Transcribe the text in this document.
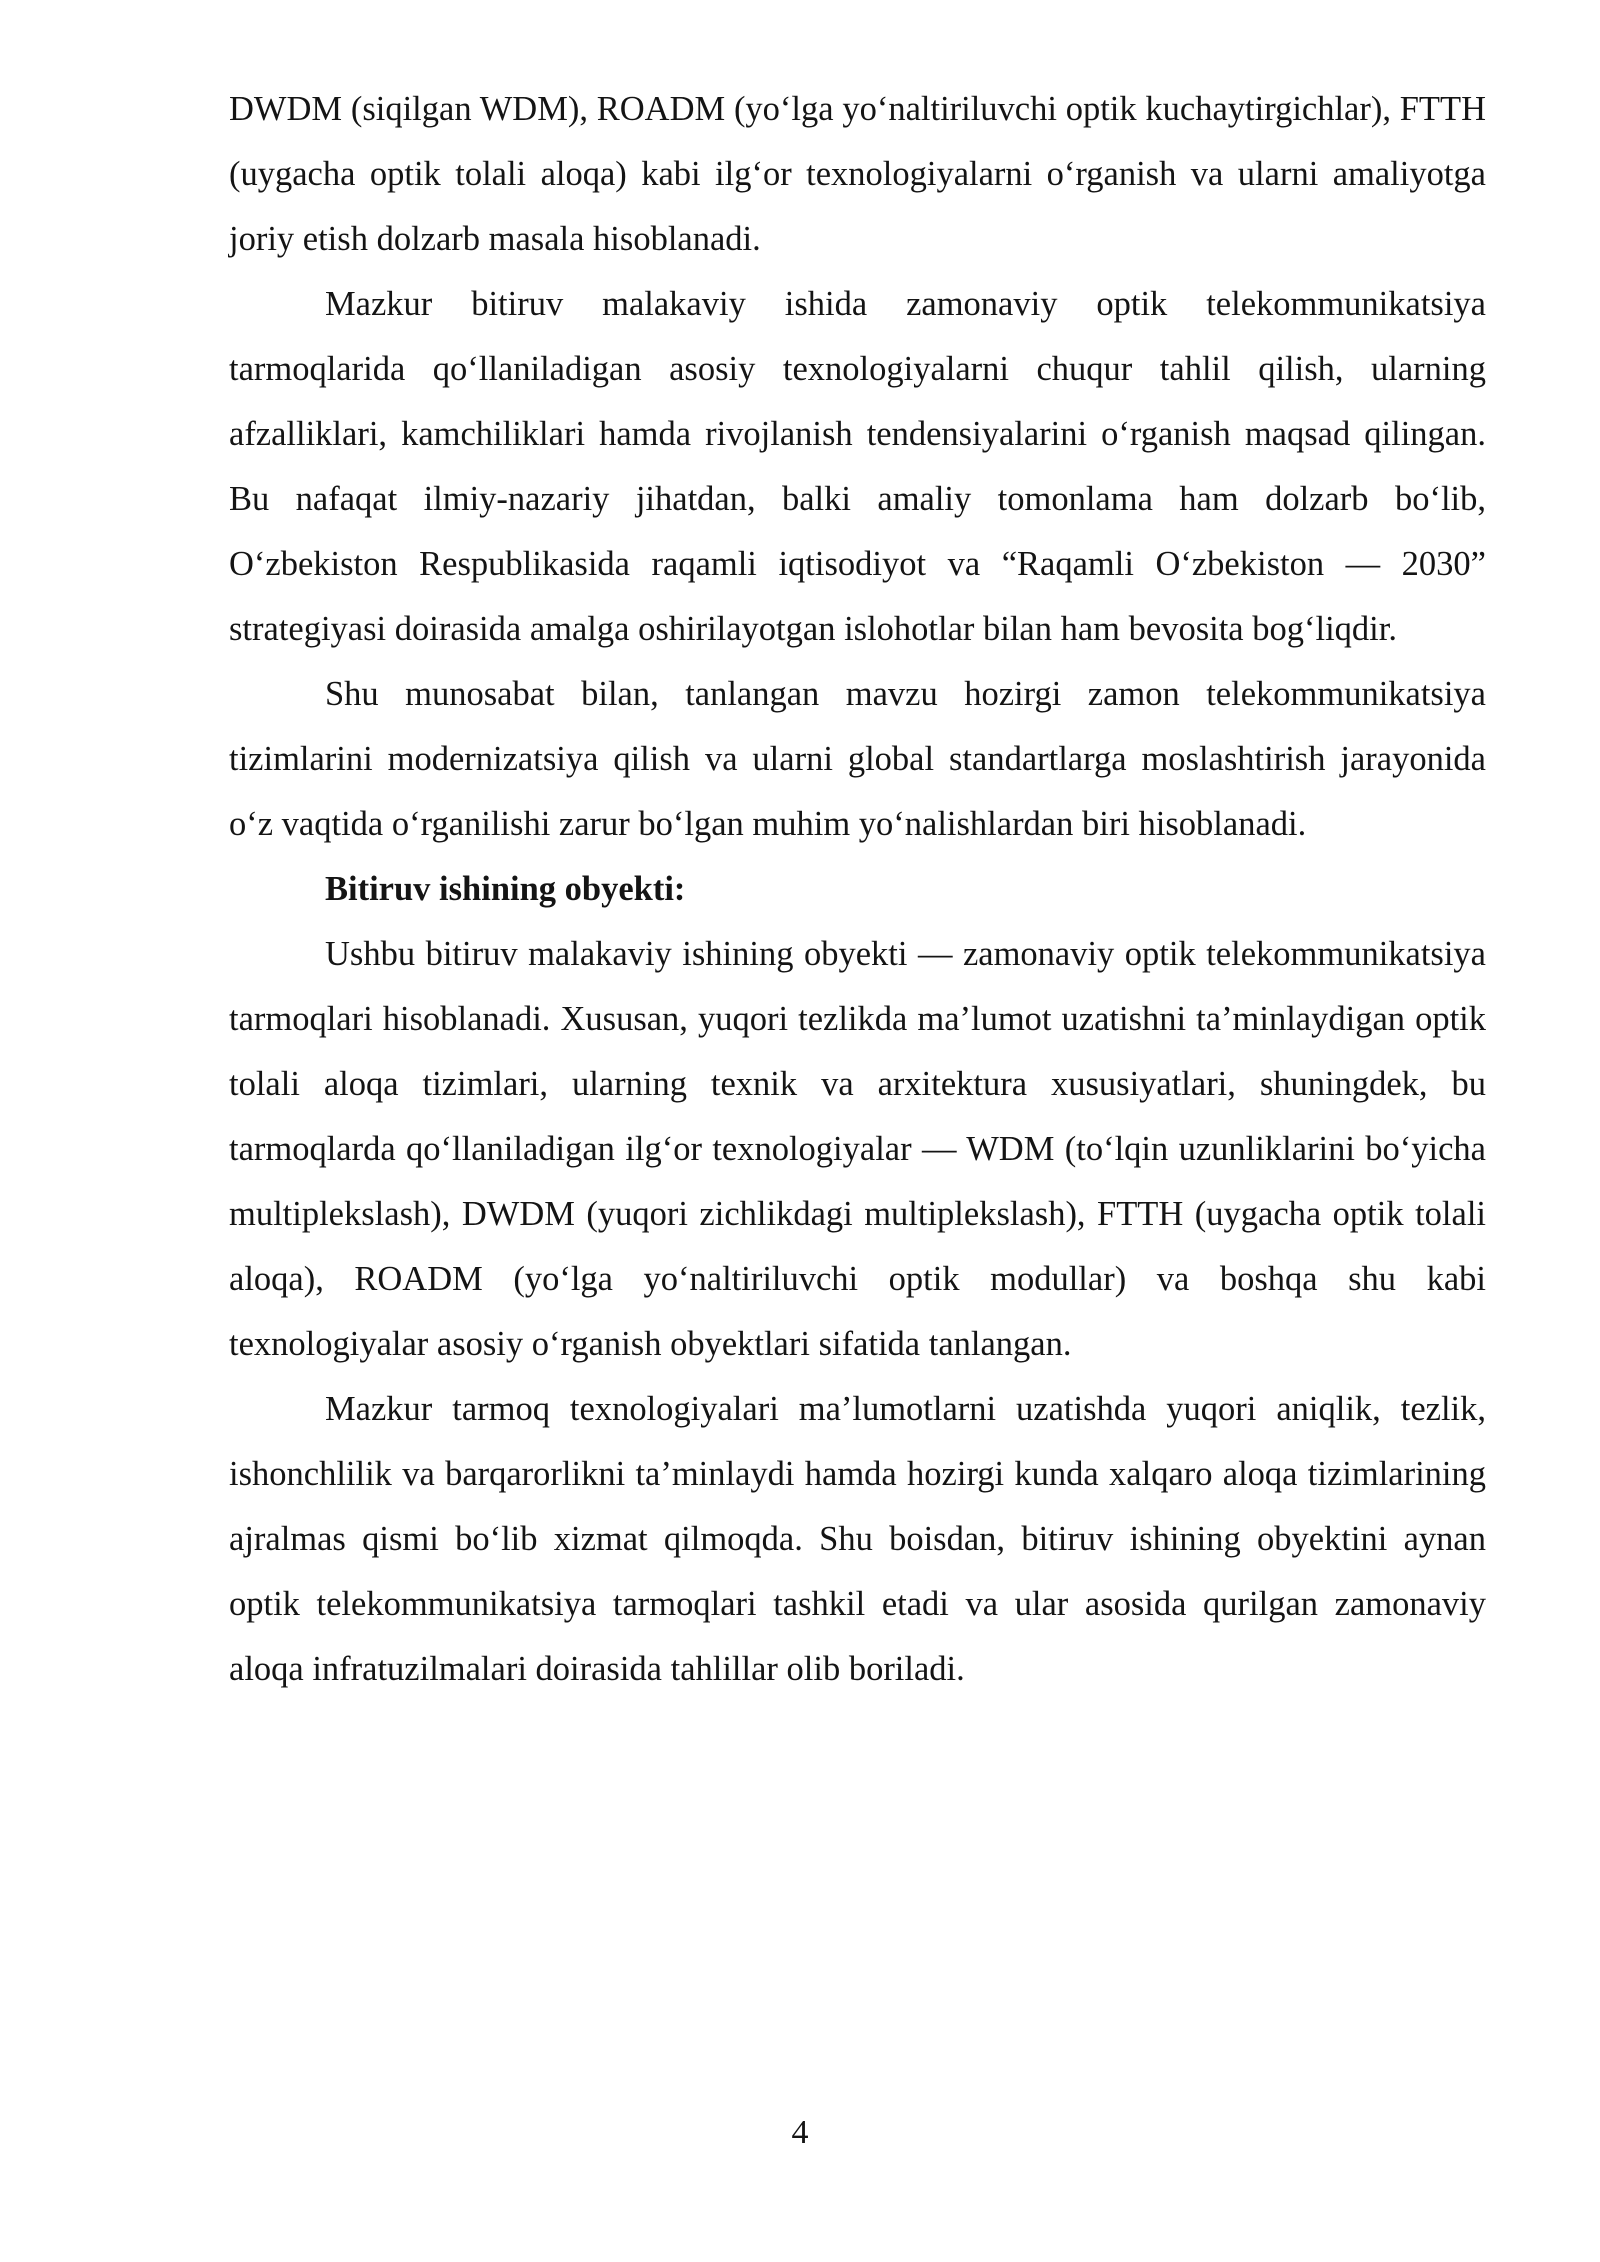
DWDM (siqilgan WDM), ROADM (yo‘lga yo‘naltiriluvchi optik kuchaytirgichlar), FTTH (uygacha optik tolali aloqa) kabi ilg‘or texnologiyalarni o‘rganish va ularni amaliyotga joriy etish dolzarb masala hisoblanadi.

Mazkur bitiruv malakaviy ishida zamonaviy optik telekommunikatsiya tarmoqlarida qo‘llaniladigan asosiy texnologiyalarni chuqur tahlil qilish, ularning afzalliklari, kamchiliklari hamda rivojlanish tendensiyalarini o‘rganish maqsad qilingan. Bu nafaqat ilmiy-nazariy jihatdan, balki amaliy tomonlama ham dolzarb bo‘lib, O‘zbekiston Respublikasida raqamli iqtisodiyot va “Raqamli O‘zbekiston — 2030” strategiyasi doirasida amalga oshirilayotgan islohotlar bilan ham bevosita bog‘liqdir.

Shu munosabat bilan, tanlangan mavzu hozirgi zamon telekommunikatsiya tizimlarini modernizatsiya qilish va ularni global standartlarga moslashtirish jarayonida o‘z vaqtida o‘rganilishi zarur bo‘lgan muhim yo‘nalishlardan biri hisoblanadi.

Bitiruv ishining obyekti:

Ushbu bitiruv malakaviy ishining obyekti — zamonaviy optik telekommunikatsiya tarmoqlari hisoblanadi. Xususan, yuqori tezlikda ma’lumot uzatishni ta’minlaydigan optik tolali aloqa tizimlari, ularning texnik va arxitektura xususiyatlari, shuningdek, bu tarmoqlarda qo‘llaniladigan ilg‘or texnologiyalar — WDM (to‘lqin uzunliklarini bo‘yicha multiplekslash), DWDM (yuqori zichlikdagi multiplekslash), FTTH (uygacha optik tolali aloqa), ROADM (yo‘lga yo‘naltiriluvchi optik modullar) va boshqa shu kabi texnologiyalar asosiy o‘rganish obyektlari sifatida tanlangan.

Mazkur tarmoq texnologiyalari ma’lumotlarni uzatishda yuqori aniqlik, tezlik, ishonchlilik va barqarorlikni ta’minlaydi hamda hozirgi kunda xalqaro aloqa tizimlarining ajralmas qismi bo‘lib xizmat qilmoqda. Shu boisdan, bitiruv ishining obyektini aynan optik telekommunikatsiya tarmoqlari tashkil etadi va ular asosida qurilgan zamonaviy aloqa infratuzilmalari doirasida tahlillar olib boriladi.

4
